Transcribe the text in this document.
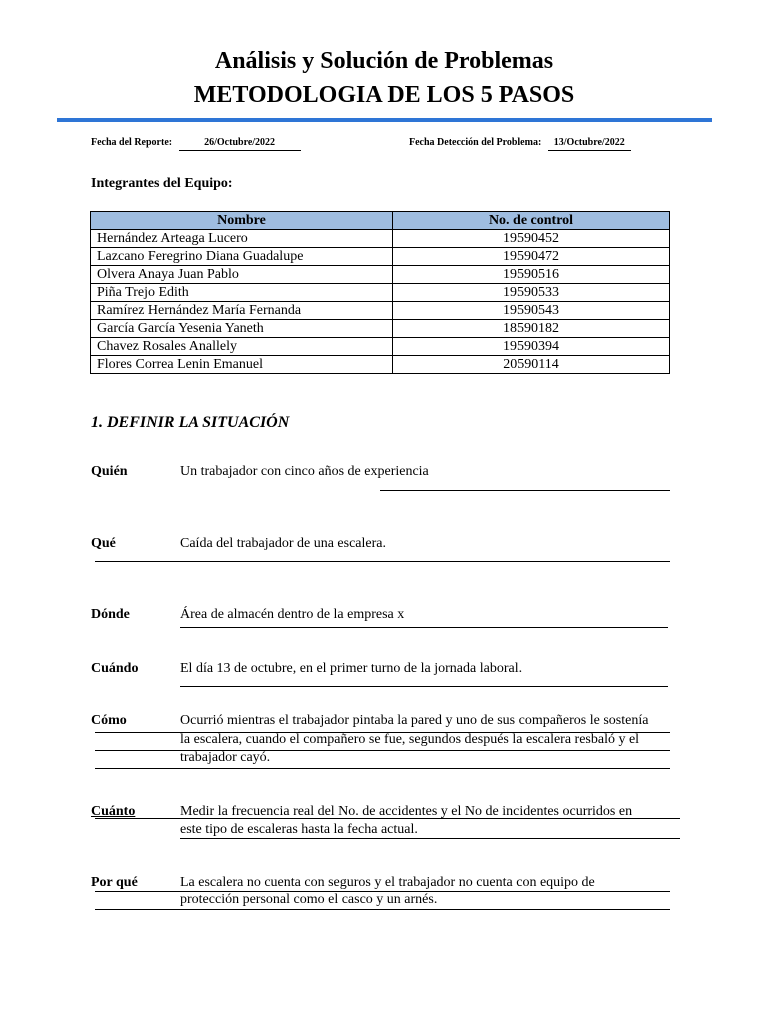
Análisis y Solución de Problemas
METODOLOGIA DE LOS 5 PASOS
Fecha del Reporte:	26/Octubre/2022	Fecha Detección del Problema: 13/Octubre/2022
Integrantes del Equipo:
Nombre	No. de control
Hernández Arteaga Lucero	19590452
Lazcano Feregrino Diana Guadalupe	19590472
Olvera Anaya Juan Pablo	19590516
Piña Trejo Edith	19590533
Ramírez Hernández María Fernanda	19590543
García García Yesenia Yaneth	18590182
Chavez Rosales Anallely	19590394
Flores Correa Lenin Emanuel	20590114
1. DEFINIR LA SITUACIÓN
Quién	Un trabajador con cinco años de experiencia
Qué	Caída del trabajador de una escalera.
Dónde	Área de almacén dentro de la empresa x
Cuándo	El día 13 de octubre, en el primer turno de la jornada laboral.
Cómo	Ocurrió mientras el trabajador pintaba la pared y uno de sus compañeros le sostenía
la escalera, cuando el compañero se fue, segundos después la escalera resbaló y el
trabajador cayó.
Cuánto	Medir la frecuencia real del No. de accidentes y el No de incidentes ocurridos en
este tipo de escaleras hasta la fecha actual.
Por qué	La escalera no cuenta con seguros y el trabajador no cuenta con equipo de
protección personal como el casco y un arnés.
